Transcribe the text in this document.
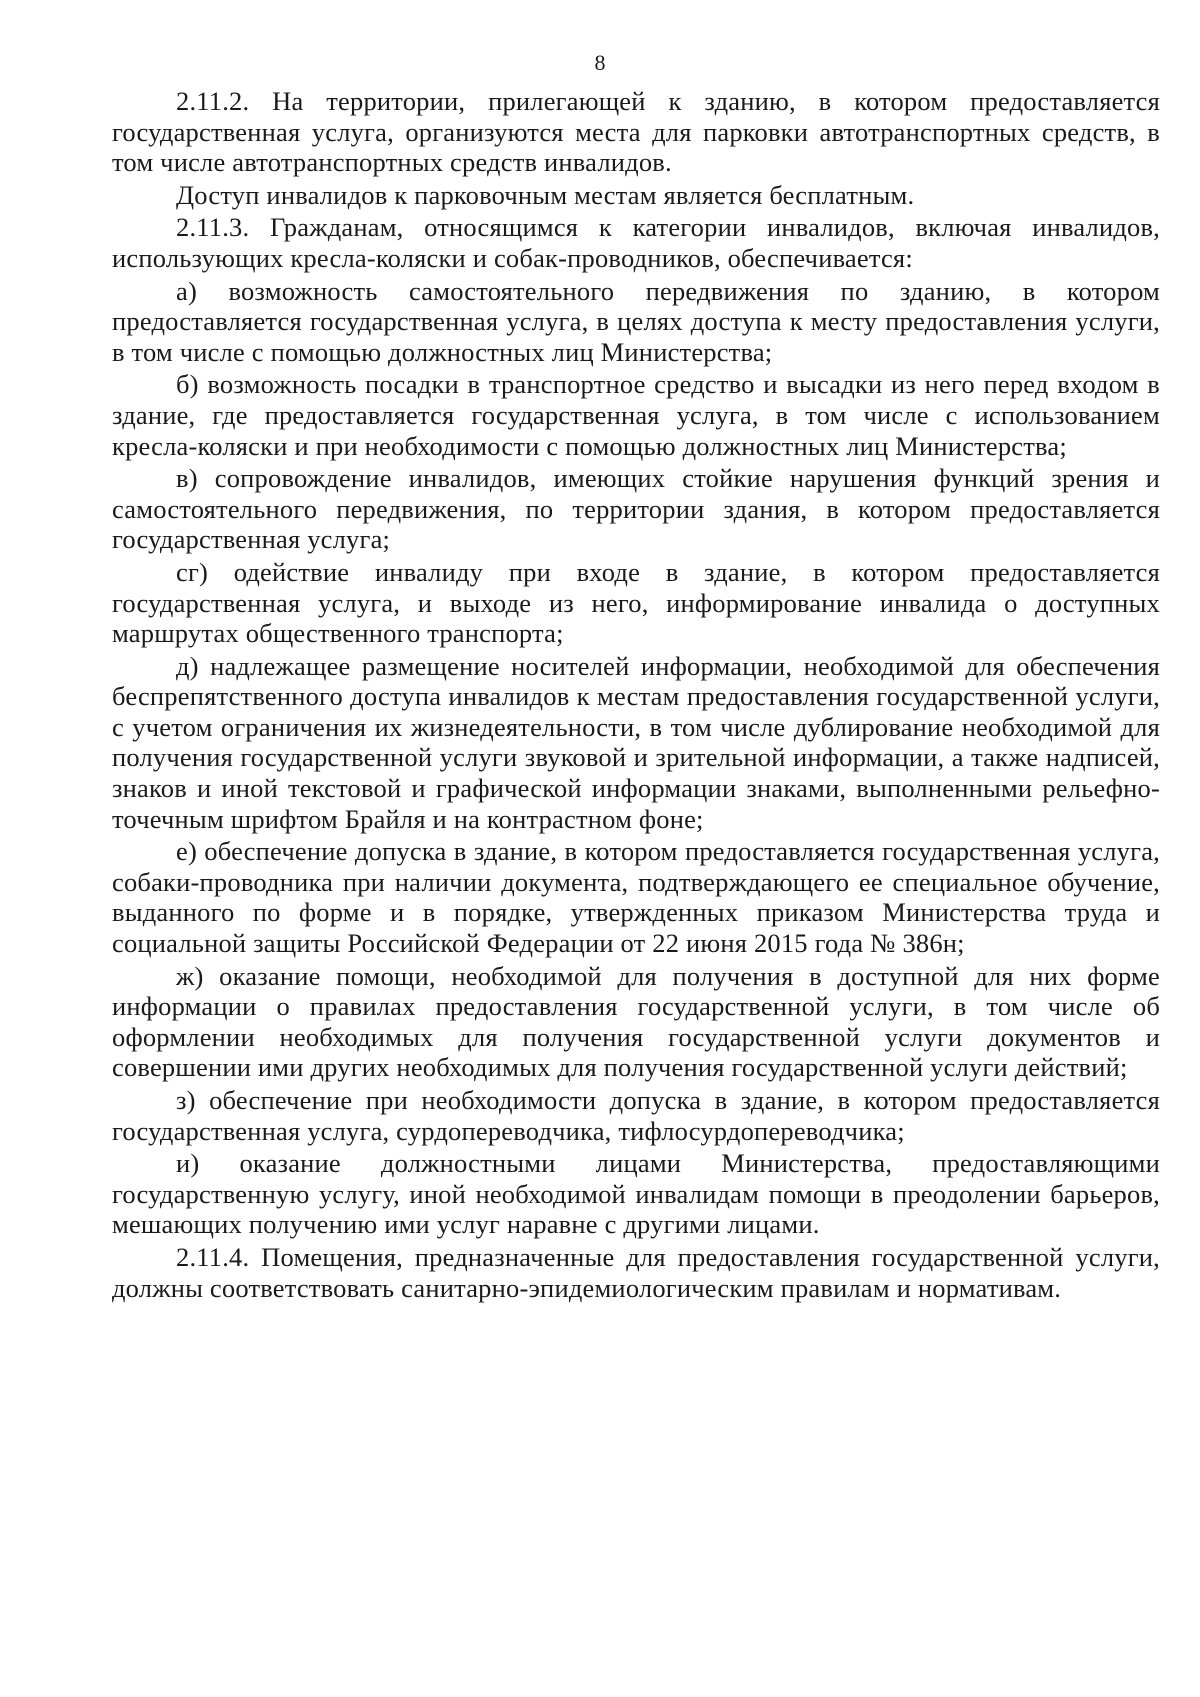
8

2.11.2. На территории, прилегающей к зданию, в котором предоставляется государственная услуга, организуются места для парковки автотранспортных средств, в том числе автотранспортных средств инвалидов.

Доступ инвалидов к парковочным местам является бесплатным.

2.11.3. Гражданам, относящимся к категории инвалидов, включая инвалидов, использующих кресла-коляски и собак-проводников, обеспечивается:

а) возможность самостоятельного передвижения по зданию, в котором предоставляется государственная услуга, в целях доступа к месту предоставления услуги, в том числе с помощью должностных лиц Министерства;

б) возможность посадки в транспортное средство и высадки из него перед входом в здание, где предоставляется государственная услуга, в том числе с использованием кресла-коляски и при необходимости с помощью должностных лиц Министерства;

в) сопровождение инвалидов, имеющих стойкие нарушения функций зрения и самостоятельного передвижения, по территории здания, в котором предоставляется государственная услуга;

сг) одействие инвалиду при входе в здание, в котором предоставляется государственная услуга, и выходе из него, информирование инвалида о доступных маршрутах общественного транспорта;

д) надлежащее размещение носителей информации, необходимой для обеспечения беспрепятственного доступа инвалидов к местам предоставления государственной услуги, с учетом ограничения их жизнедеятельности, в том числе дублирование необходимой для получения государственной услуги звуковой и зрительной информации, а также надписей, знаков и иной текстовой и графической информации знаками, выполненными рельефно-точечным шрифтом Брайля и на контрастном фоне;

е) обеспечение допуска в здание, в котором предоставляется государственная услуга, собаки-проводника при наличии документа, подтверждающего ее специальное обучение, выданного по форме и в порядке, утвержденных приказом Министерства труда и социальной защиты Российской Федерации от 22 июня 2015 года № 386н;

ж) оказание помощи, необходимой для получения в доступной для них форме информации о правилах предоставления государственной услуги, в том числе об оформлении необходимых для получения государственной услуги документов и совершении ими других необходимых для получения государственной услуги действий;

з) обеспечение при необходимости допуска в здание, в котором предоставляется государственная услуга, сурдопереводчика, тифлосурдопереводчика;

и) оказание должностными лицами Министерства, предоставляющими государственную услугу, иной необходимой инвалидам помощи в преодолении барьеров, мешающих получению ими услуг наравне с другими лицами.

2.11.4. Помещения, предназначенные для предоставления государственной услуги, должны соответствовать санитарно-эпидемиологическим правилам и нормативам.
